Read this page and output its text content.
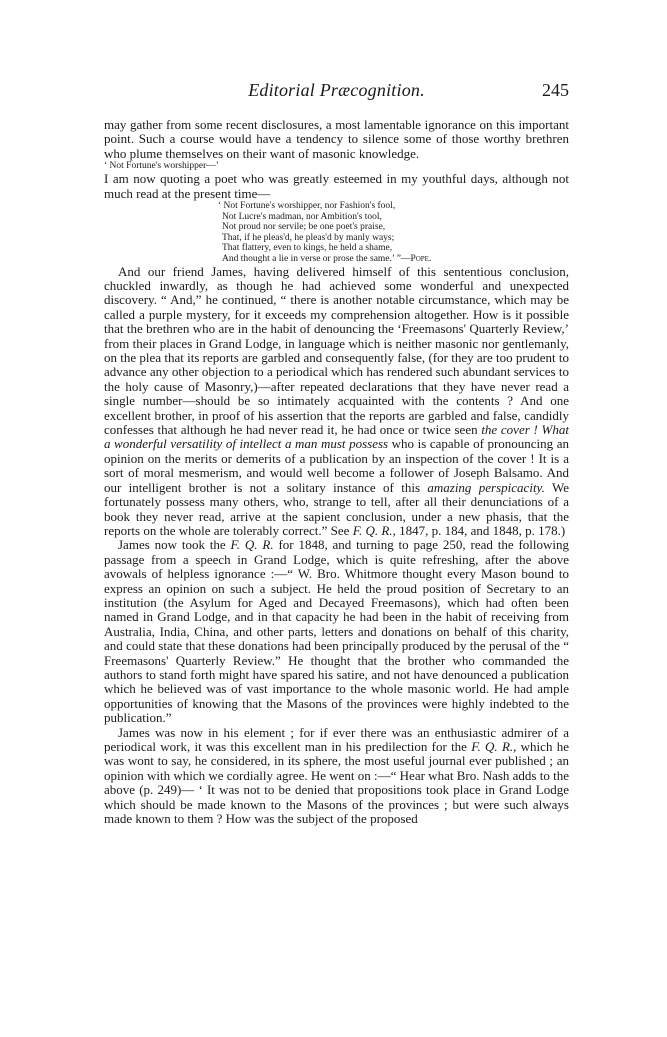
Editorial Præcognition.	245

may gather from some recent disclosures, a most lamentable ignorance on this important point. Such a course would have a tendency to silence some of those worthy brethren who plume themselves on their want of masonic knowledge.

‘ Not Fortune's worshipper—’

I am now quoting a poet who was greatly esteemed in my youthful days, although not much read at the present time—

‘ Not Fortune's worshipper, nor Fashion's fool,
Not Lucre's madman, nor Ambition's tool,
Not proud nor servile; be one poet's praise,
That, if he pleas'd, he pleas'd by manly ways;
That flattery, even to kings, he held a shame,
And thought a lie in verse or prose the same.’ ”—Pope.

And our friend James, having delivered himself of this sententious conclusion, chuckled inwardly, as though he had achieved some wonderful and unexpected discovery. “ And,” he continued, “ there is another notable circumstance, which may be called a purple mystery, for it exceeds my comprehension altogether. How is it possible that the brethren who are in the habit of denouncing the ‘Freemasons' Quarterly Review,’ from their places in Grand Lodge, in language which is neither masonic nor gentlemanly, on the plea that its reports are garbled and consequently false, (for they are too prudent to advance any other objection to a periodical which has rendered such abundant services to the holy cause of Masonry,)—after repeated declarations that they have never read a single number—should be so intimately acquainted with the contents ? And one excellent brother, in proof of his assertion that the reports are garbled and false, candidly confesses that although he had never read it, he had once or twice seen the cover ! What a wonderful versatility of intellect a man must possess who is capable of pronouncing an opinion on the merits or demerits of a publication by an inspection of the cover ! It is a sort of moral mesmerism, and would well become a follower of Joseph Balsamo. And our intelligent brother is not a solitary instance of this amazing perspicacity. We fortunately possess many others, who, strange to tell, after all their denunciations of a book they never read, arrive at the sapient conclusion, under a new phasis, that the reports on the whole are tolerably correct.” See F. Q. R., 1847, p. 184, and 1848, p. 178.)

James now took the F. Q. R. for 1848, and turning to page 250, read the following passage from a speech in Grand Lodge, which is quite refreshing, after the above avowals of helpless ignorance :—“ W. Bro. Whitmore thought every Mason bound to express an opinion on such a subject. He held the proud position of Secretary to an institution (the Asylum for Aged and Decayed Freemasons), which had often been named in Grand Lodge, and in that capacity he had been in the habit of receiving from Australia, India, China, and other parts, letters and donations on behalf of this charity, and could state that these donations had been principally produced by the perusal of the “ Freemasons' Quarterly Review.” He thought that the brother who commanded the authors to stand forth might have spared his satire, and not have denounced a publication which he believed was of vast importance to the whole masonic world. He had ample opportunities of knowing that the Masons of the provinces were highly indebted to the publication.”

James was now in his element ; for if ever there was an enthusiastic admirer of a periodical work, it was this excellent man in his predilection for the F. Q. R., which he was wont to say, he considered, in its sphere, the most useful journal ever published ; an opinion with which we cordially agree. He went on :—“ Hear what Bro. Nash adds to the above (p. 249)— ‘ It was not to be denied that propositions took place in Grand Lodge which should be made known to the Masons of the provinces ; but were such always made known to them ? How was the subject of the proposed
